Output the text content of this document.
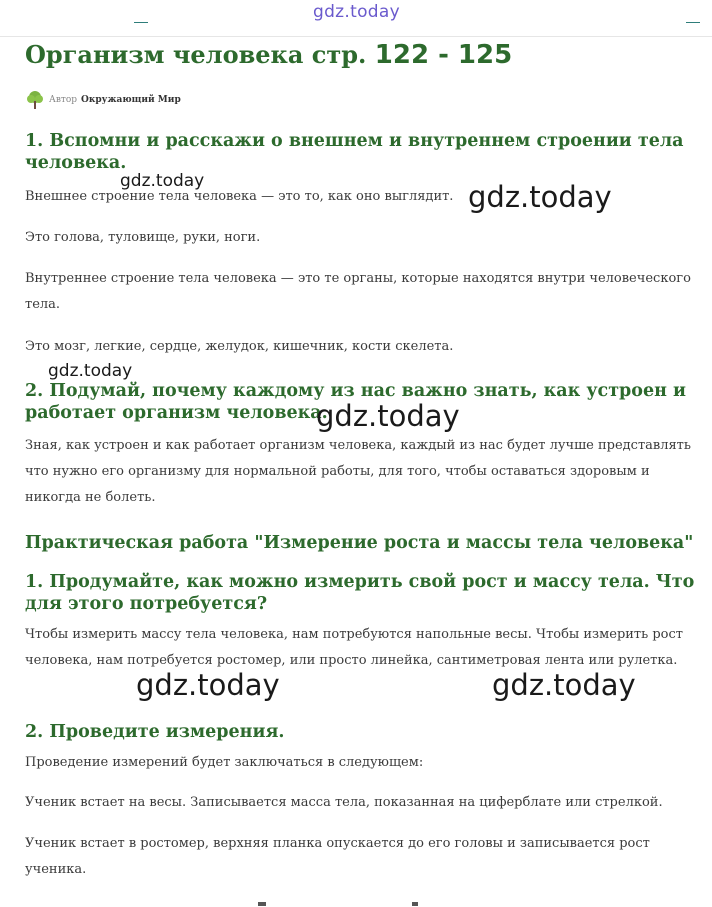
gdz.today
Организм человека стр. 122 - 125
Автор Окружающий Мир
1. Вспомни и расскажи о внешнем и внутреннем строении тела человека.

Внешнее строение тела человека — это то, как оно выглядит.

Это голова, туловище, руки, ноги.

Внутреннее строение тела человека — это те органы, которые находятся внутри человеческого тела.

Это мозг, легкие, сердце, желудок, кишечник, кости скелета.

2. Подумай, почему каждому из нас важно знать, как устроен и работает организм человека.

Зная, как устроен и как работает организм человека, каждый из нас будет лучше представлять что нужно его организму для нормальной работы, для того, чтобы оставаться здоровым и никогда не болеть.

Практическая работа "Измерение роста и массы тела человека"
1. Продумайте, как можно измерить свой рост и массу тела. Что для этого потребуется?

Чтобы измерить массу тела человека, нам потребуются напольные весы. Чтобы измерить рост человека, нам потребуется ростомер, или просто линейка, сантиметровая лента или рулетка.

2. Проведите измерения.

Проведение измерений будет заключаться в следующем:

Ученик встает на весы. Записывается масса тела, показанная на циферблате или стрелкой.

Ученик встает в ростомер, верхняя планка опускается до его головы и записывается рост ученика.

gdz.today	gdz.today
gdz.today
gdz.today
gdz.today	gdz.today
